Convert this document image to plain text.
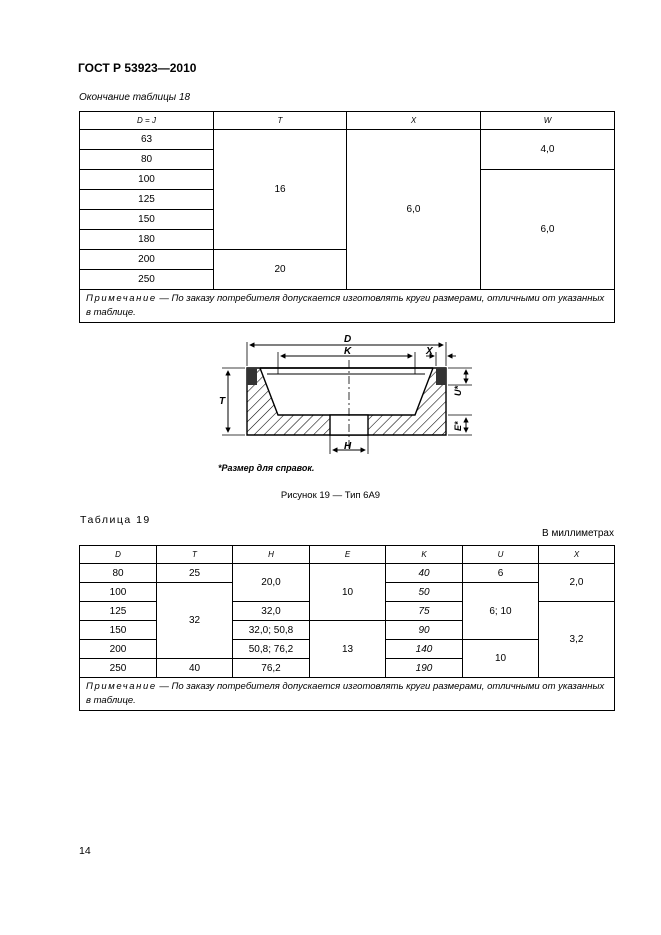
ГОСТ Р 53923—2010
Окончание таблицы 18
D = J	T	X	W
63	16	6,0	4,0
80			
100			6,0
125			
150			
180			
200	20		
250			
Примечание — По заказу потребителя допускается изготовлять круги размерами, отличными от указанных в таблице.			
D
K	X
T
U*
E*
H
*Размер для справок.
Рисунок 19 — Тип 6А9
Таблица 19
В миллиметрах
D	T	H	E	K	U	X
80	25	20,0	10	40	6	2,0
100	32			50	6; 10	
125		32,0		75		3,2
150		32,0; 50,8	13	90		
200		50,8; 76,2		140	10	
250	40	76,2		190		
Примечание — По заказу потребителя допускается изготовлять круги размерами, отличными от указанных в таблице.						
14
